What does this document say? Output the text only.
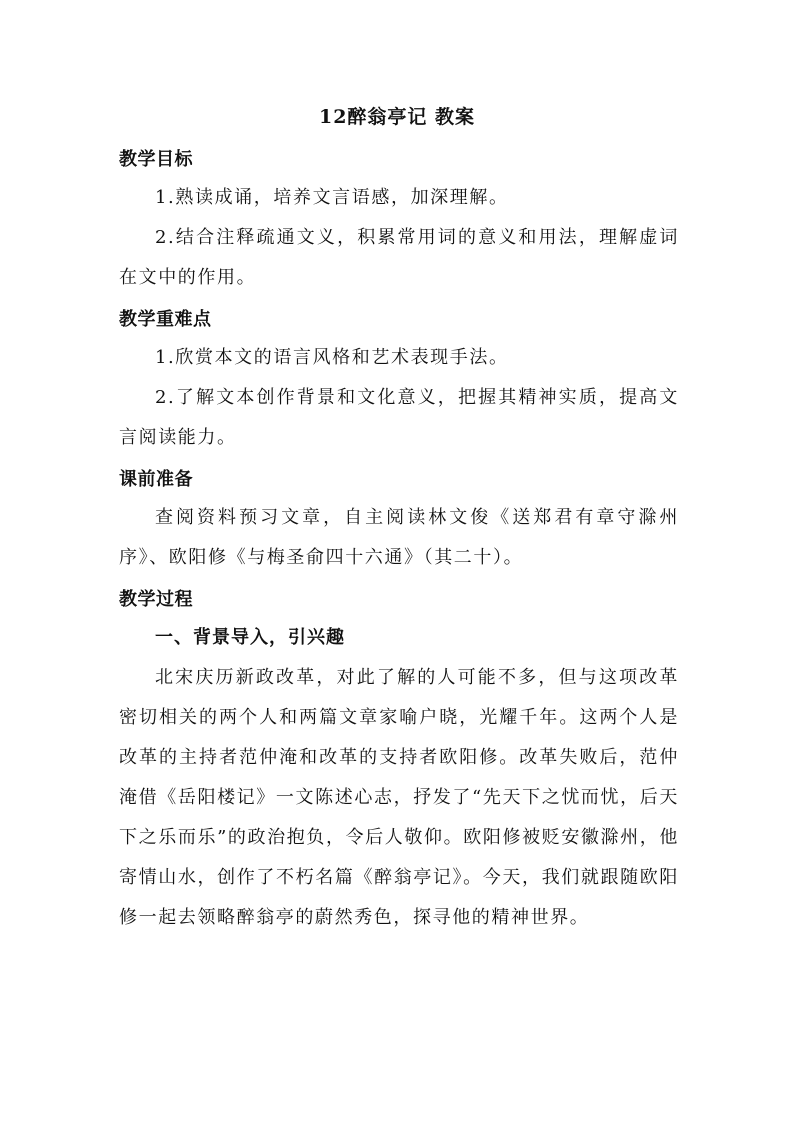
12醉翁亭记 教案
教学目标

1.熟读成诵，培养文言语感，加深理解。

2.结合注释疏通文义，积累常用词的意义和用法，理解虚词在文中的作用。

教学重难点

1.欣赏本文的语言风格和艺术表现手法。

2.了解文本创作背景和文化意义，把握其精神实质，提高文言阅读能力。

课前准备

查阅资料预习文章，自主阅读林文俊《送郑君有章守滁州序》、欧阳修《与梅圣俞四十六通》（其二十）。

教学过程

一、背景导入，引兴趣

北宋庆历新政改革，对此了解的人可能不多，但与这项改革密切相关的两个人和两篇文章家喻户晓，光耀千年。这两个人是改革的主持者范仲淹和改革的支持者欧阳修。改革失败后，范仲淹借《岳阳楼记》一文陈述心志，抒发了“先天下之忧而忧，后天下之乐而乐”的政治抱负，令后人敬仰。欧阳修被贬安徽滁州，他寄情山水，创作了不朽名篇《醉翁亭记》。今天，我们就跟随欧阳修一起去领略醉翁亭的蔚然秀色，探寻他的精神世界。
